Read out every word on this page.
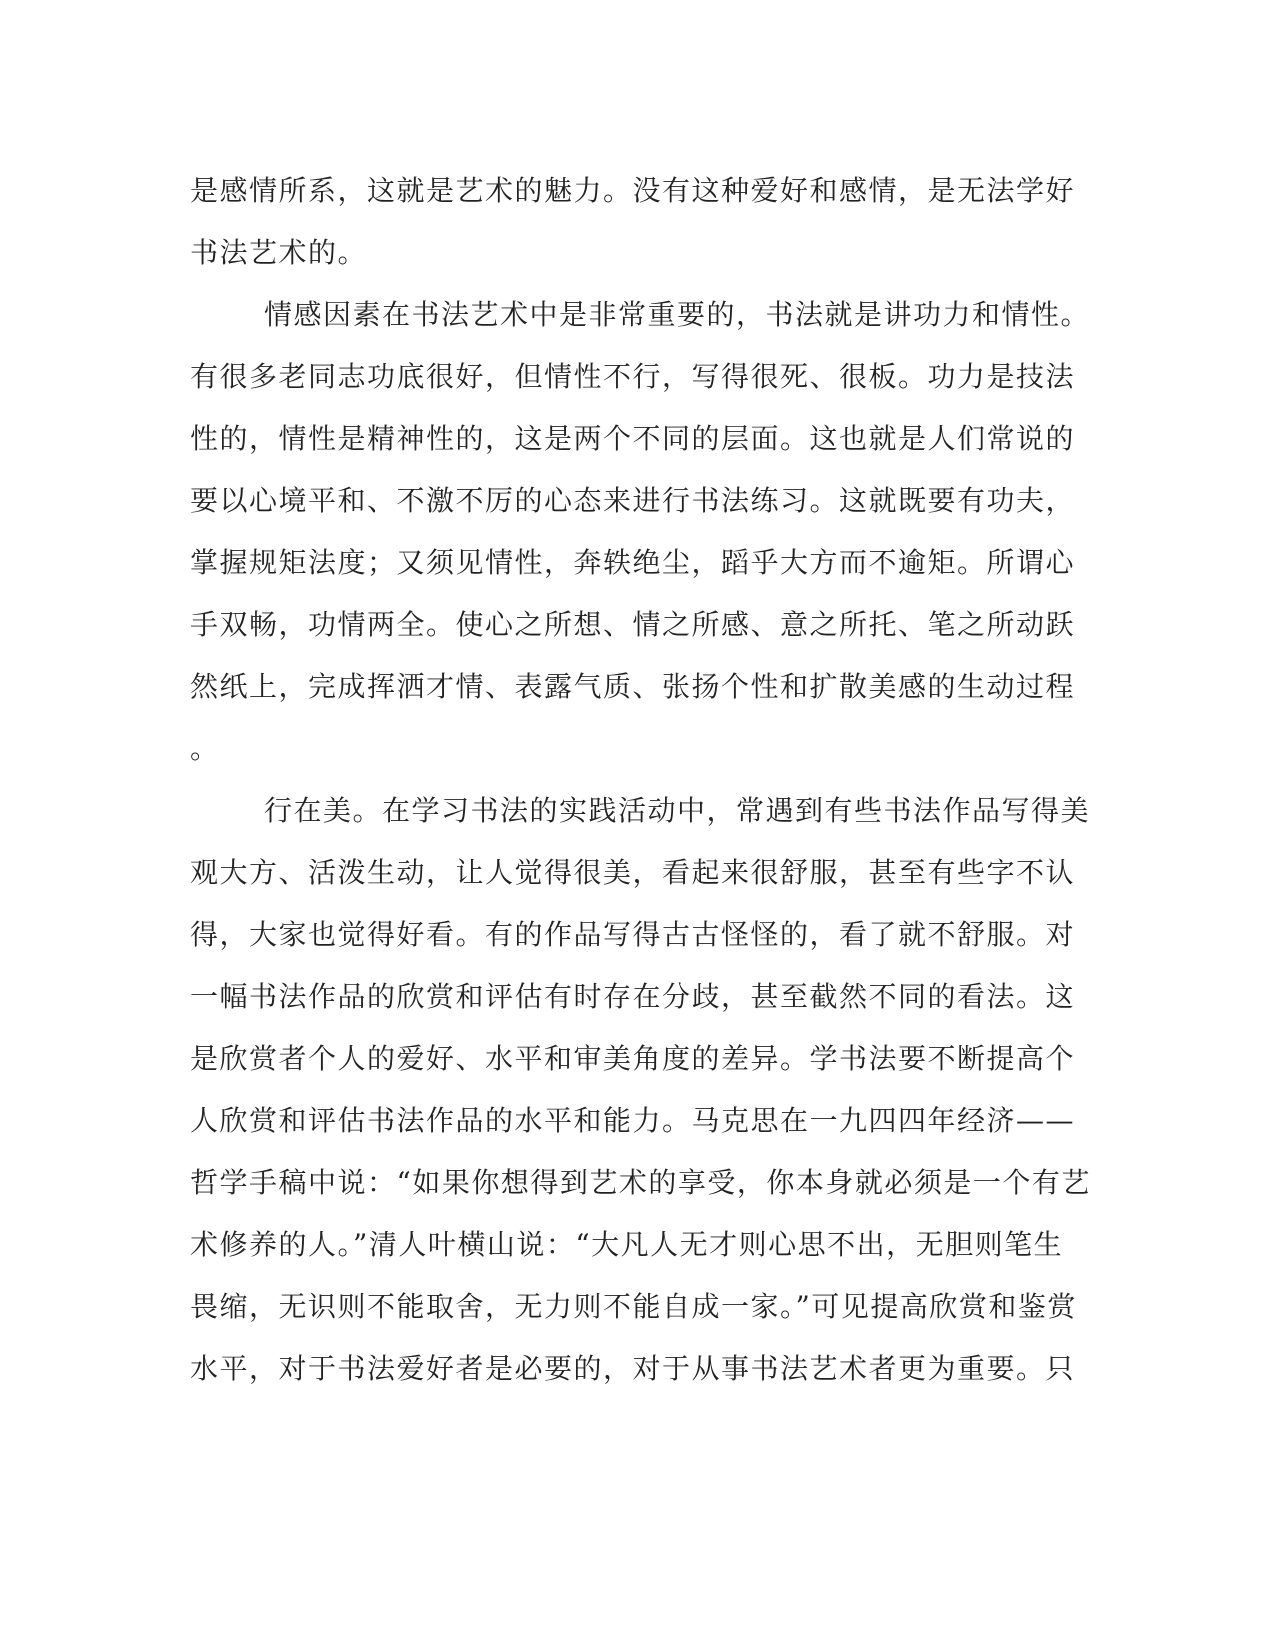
是感情所系，这就是艺术的魅力。没有这种爱好和感情，是无法学好
书法艺术的。
情感因素在书法艺术中是非常重要的，书法就是讲功力和情性。
有很多老同志功底很好，但情性不行，写得很死、很板。功力是技法
性的，情性是精神性的，这是两个不同的层面。这也就是人们常说的
要以心境平和、不激不厉的心态来进行书法练习。这就既要有功夫，
掌握规矩法度；又须见情性，奔轶绝尘，蹈乎大方而不逾矩。所谓心
手双畅，功情两全。使心之所想、情之所感、意之所托、笔之所动跃
然纸上，完成挥洒才情、表露气质、张扬个性和扩散美感的生动过程
。
行在美。在学习书法的实践活动中，常遇到有些书法作品写得美
观大方、活泼生动，让人觉得很美，看起来很舒服，甚至有些字不认
得，大家也觉得好看。有的作品写得古古怪怪的，看了就不舒服。对
一幅书法作品的欣赏和评估有时存在分歧，甚至截然不同的看法。这
是欣赏者个人的爱好、水平和审美角度的差异。学书法要不断提高个
人欣赏和评估书法作品的水平和能力。马克思在一九四四年经济——
哲学手稿中说：“如果你想得到艺术的享受，你本身就必须是一个有艺
术修养的人。”清人叶横山说：“大凡人无才则心思不出，无胆则笔生
畏缩，无识则不能取舍，无力则不能自成一家。”可见提高欣赏和鉴赏
水平，对于书法爱好者是必要的，对于从事书法艺术者更为重要。只
